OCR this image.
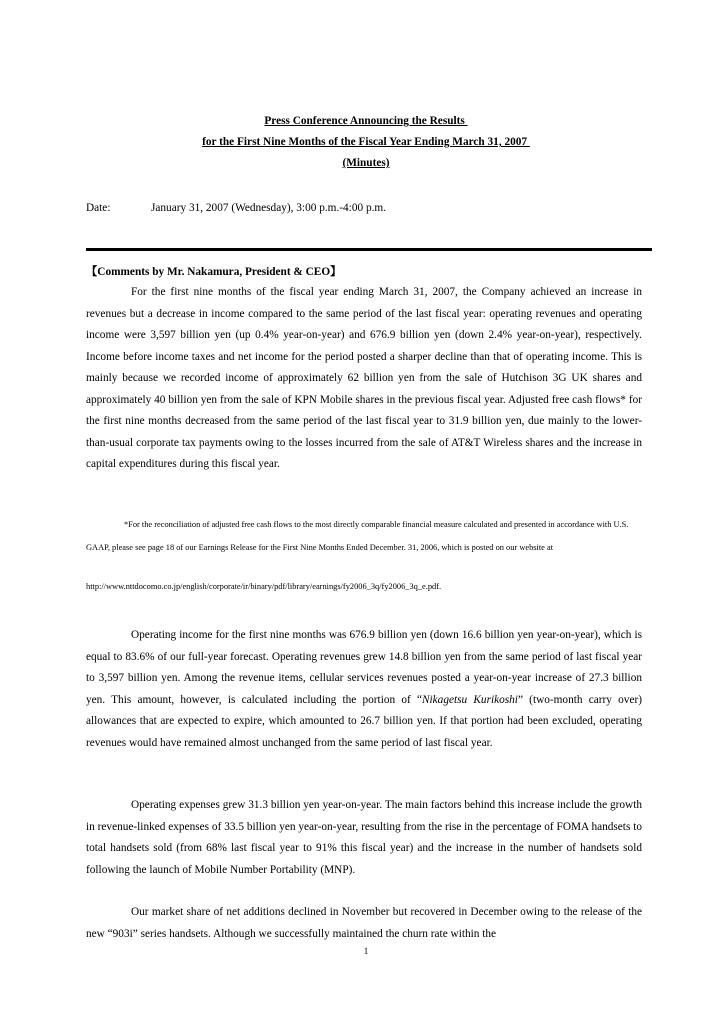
Press Conference Announcing the Results
for the First Nine Months of the Fiscal Year Ending March 31, 2007
(Minutes)
Date:	January 31, 2007 (Wednesday), 3:00 p.m.-4:00 p.m.
【Comments by Mr. Nakamura, President & CEO】
For the first nine months of the fiscal year ending March 31, 2007, the Company achieved an increase in revenues but a decrease in income compared to the same period of the last fiscal year: operating revenues and operating income were 3,597 billion yen (up 0.4% year-on-year) and 676.9 billion yen (down 2.4% year-on-year), respectively. Income before income taxes and net income for the period posted a sharper decline than that of operating income. This is mainly because we recorded income of approximately 62 billion yen from the sale of Hutchison 3G UK shares and approximately 40 billion yen from the sale of KPN Mobile shares in the previous fiscal year. Adjusted free cash flows* for the first nine months decreased from the same period of the last fiscal year to 31.9 billion yen, due mainly to the lower-than-usual corporate tax payments owing to the losses incurred from the sale of AT&T Wireless shares and the increase in capital expenditures during this fiscal year.
*For the reconciliation of adjusted free cash flows to the most directly comparable financial measure calculated and presented in accordance with U.S. GAAP, please see page 18 of our Earnings Release for the First Nine Months Ended December. 31, 2006, which is posted on our website at
http://www.nttdocomo.co.jp/english/corporate/ir/binary/pdf/library/earnings/fy2006_3q/fy2006_3q_e.pdf.
Operating income for the first nine months was 676.9 billion yen (down 16.6 billion yen year-on-year), which is equal to 83.6% of our full-year forecast. Operating revenues grew 14.8 billion yen from the same period of last fiscal year to 3,597 billion yen. Among the revenue items, cellular services revenues posted a year-on-year increase of 27.3 billion yen. This amount, however, is calculated including the portion of “Nikagetsu Kurikoshi” (two-month carry over) allowances that are expected to expire, which amounted to 26.7 billion yen. If that portion had been excluded, operating revenues would have remained almost unchanged from the same period of last fiscal year.
Operating expenses grew 31.3 billion yen year-on-year. The main factors behind this increase include the growth in revenue-linked expenses of 33.5 billion yen year-on-year, resulting from the rise in the percentage of FOMA handsets to total handsets sold (from 68% last fiscal year to 91% this fiscal year) and the increase in the number of handsets sold following the launch of Mobile Number Portability (MNP).
Our market share of net additions declined in November but recovered in December owing to the release of the new “903i” series handsets. Although we successfully maintained the churn rate within the
1
